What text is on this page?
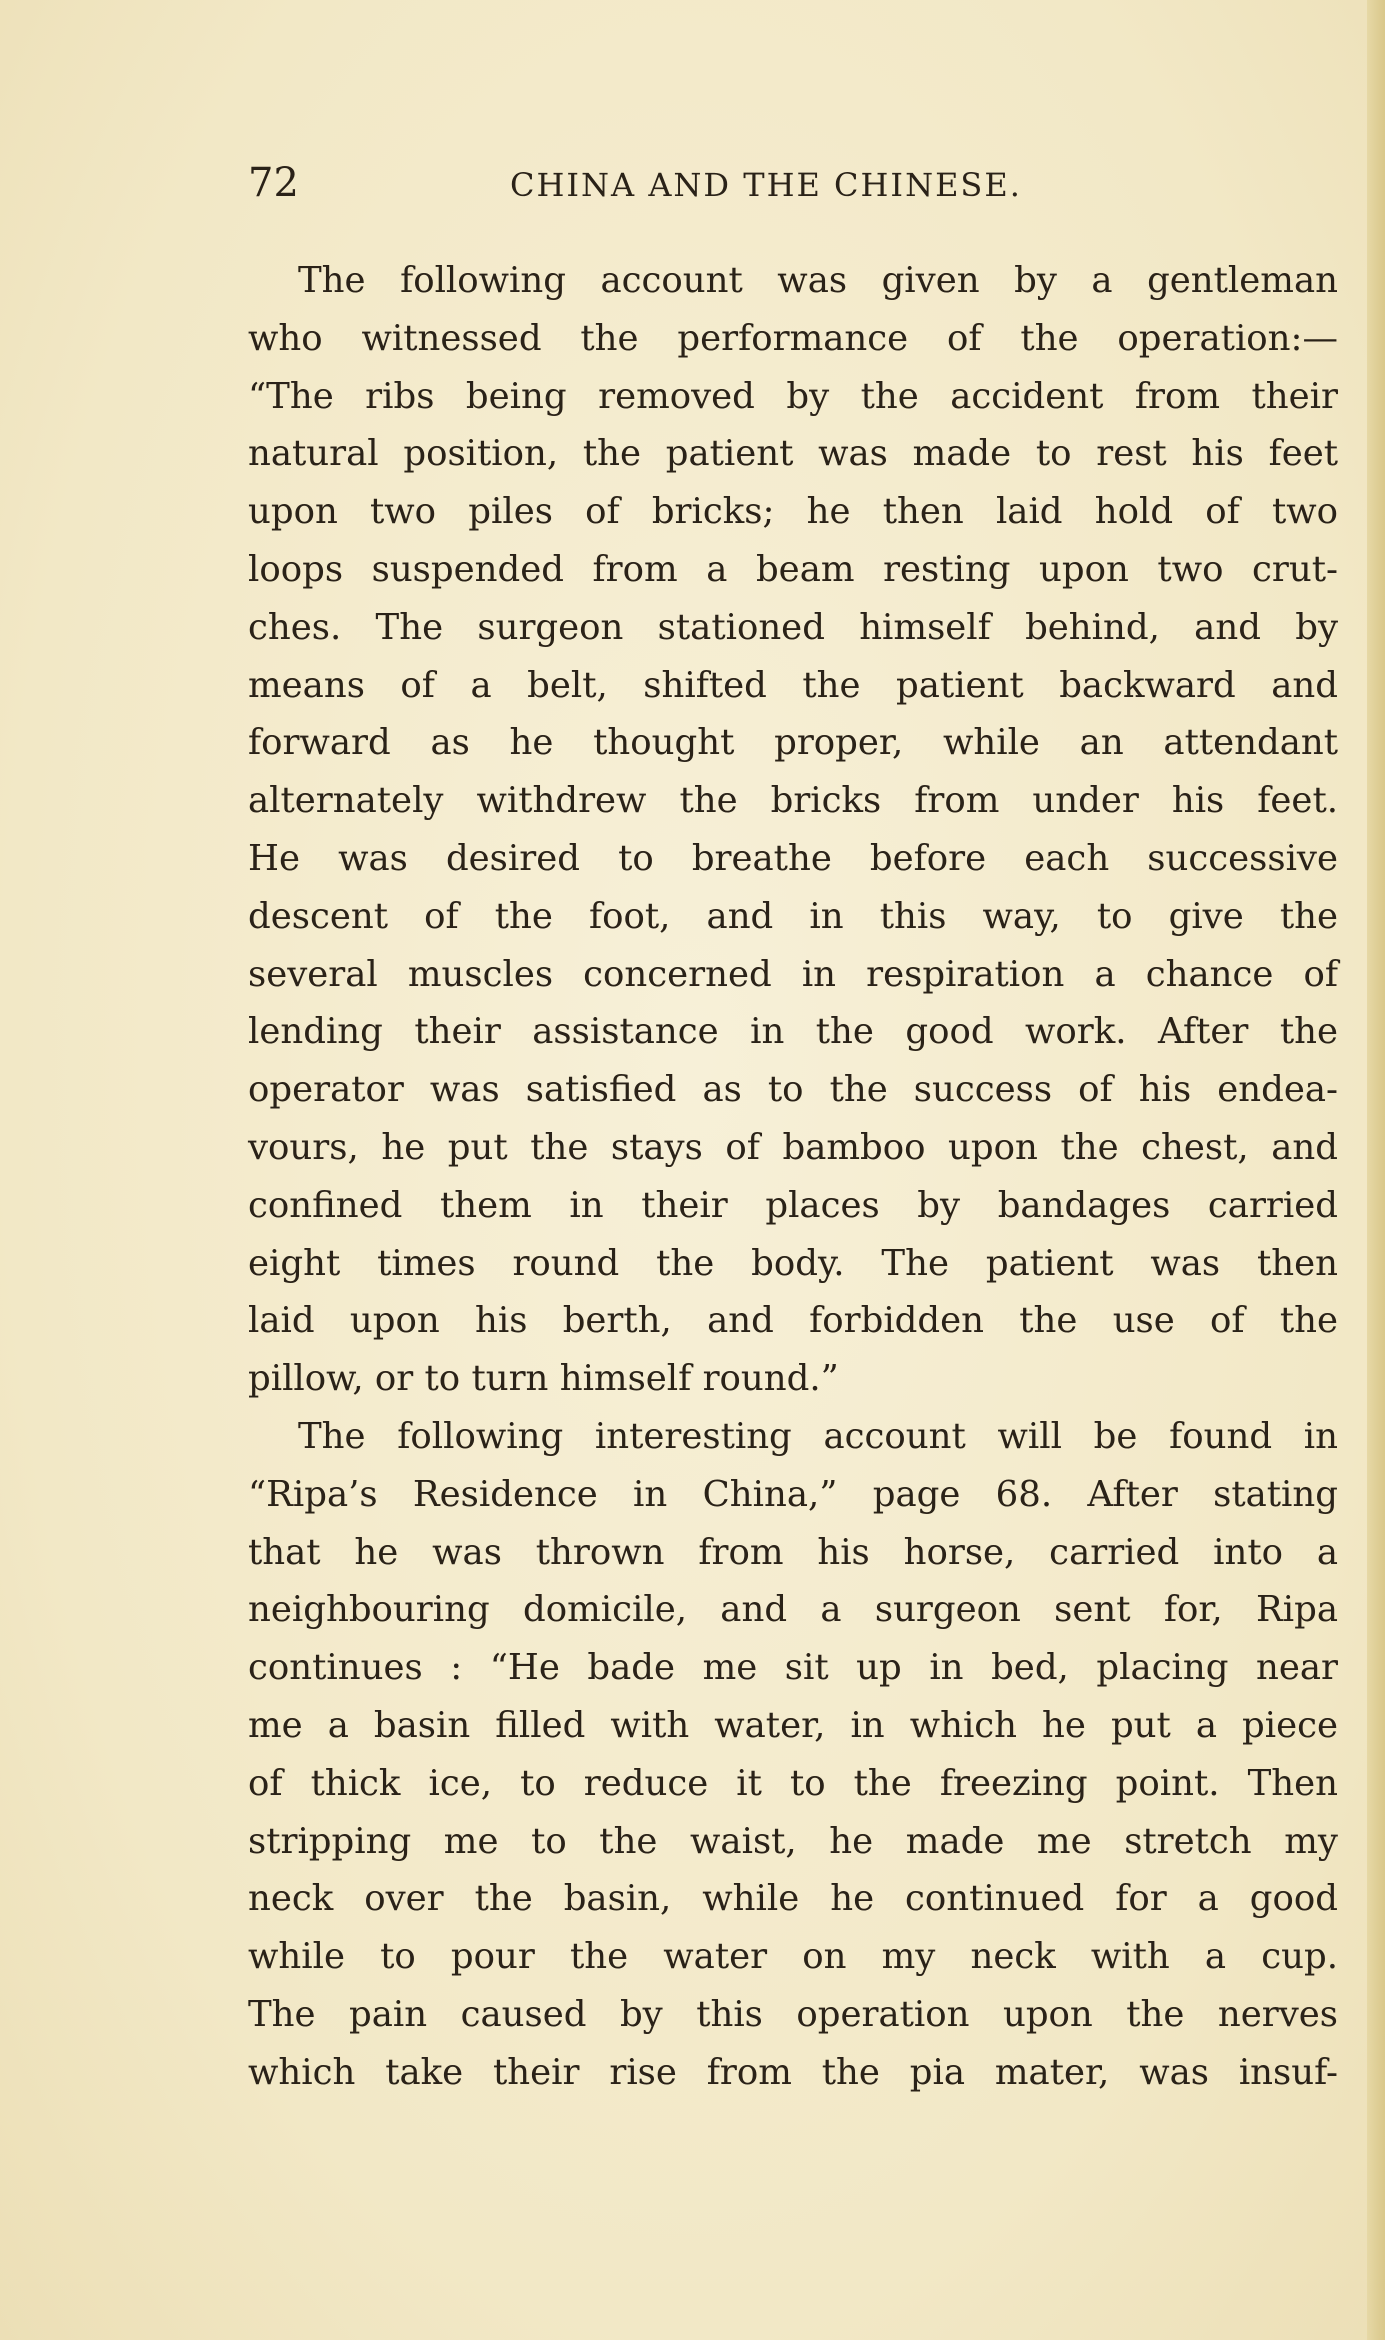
72	CHINA AND THE CHINESE.
The following account was given by a gentleman
who witnessed the performance of the operation:—
“The ribs being removed by the accident from their
natural position, the patient was made to rest his feet
upon two piles of bricks; he then laid hold of two
loops suspended from a beam resting upon two crut-
ches. The surgeon stationed himself behind, and by
means of a belt, shifted the patient backward and
forward as he thought proper, while an attendant
alternately withdrew the bricks from under his feet.
He was desired to breathe before each successive
descent of the foot, and in this way, to give the
several muscles concerned in respiration a chance of
lending their assistance in the good work. After the
operator was satisfied as to the success of his endea-
vours, he put the stays of bamboo upon the chest, and
confined them in their places by bandages carried
eight times round the body. The patient was then
laid upon his berth, and forbidden the use of the
pillow, or to turn himself round.”
The following interesting account will be found in
“Ripa’s Residence in China,” page 68. After stating
that he was thrown from his horse, carried into a
neighbouring domicile, and a surgeon sent for, Ripa
continues : “He bade me sit up in bed, placing near
me a basin filled with water, in which he put a piece
of thick ice, to reduce it to the freezing point. Then
stripping me to the waist, he made me stretch my
neck over the basin, while he continued for a good
while to pour the water on my neck with a cup.
The pain caused by this operation upon the nerves
which take their rise from the pia mater, was insuf-
